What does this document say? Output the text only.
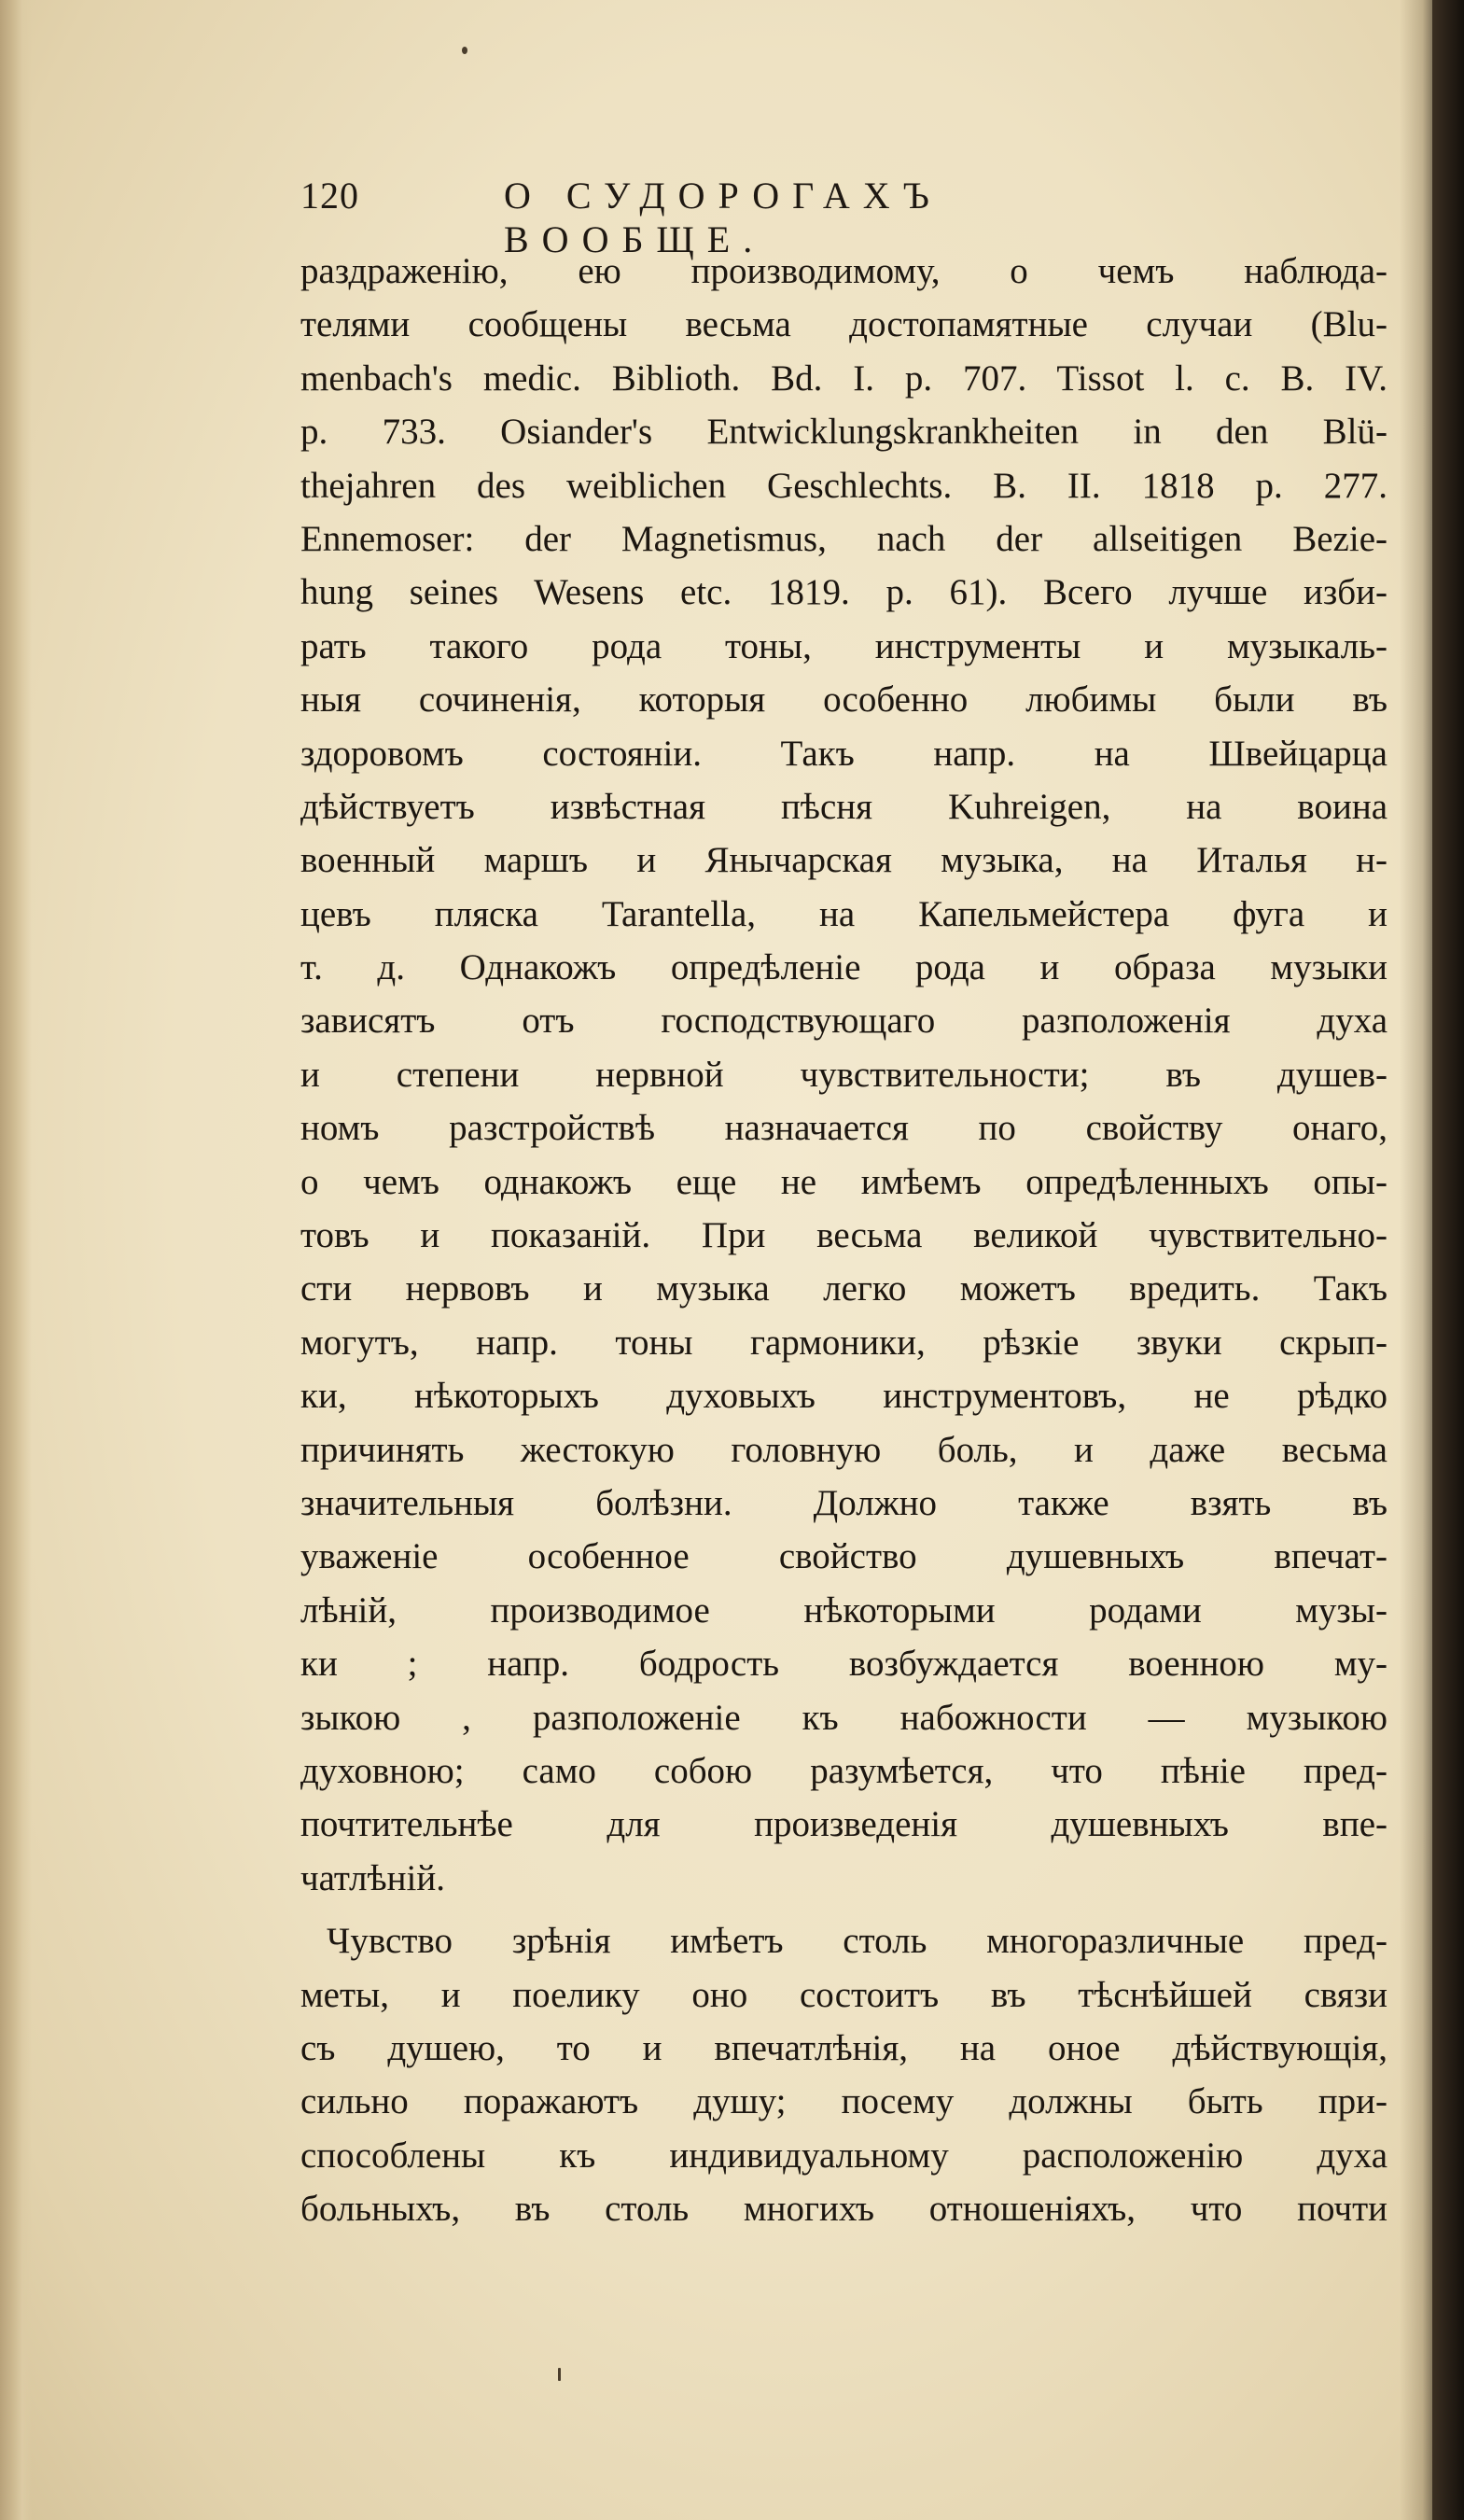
120	О СУДОРОГАХЪ ВООБЩЕ.
раздраженію, ею производимому, о чемъ наблюда-
телями сообщены весьма достопамятные случаи (Blu-
menbach's medic. Biblioth. Bd. I. p. 707. Tissot l. c. B. IV.
p. 733. Osiander's Entwicklungskrankheiten in den Blü-
thejahren des weiblichen Geschlechts. B. II. 1818 p. 277.
Ennemoser: der Magnetismus, nach der allseitigen Bezie-
hung seines Wesens etc. 1819. p. 61). Всего лучше изби-
рать такого рода тоны, инструменты и музыкаль-
ныя сочиненія, которыя особенно любимы были въ
здоровомъ состояніи. Такъ напр. на Швейцарца
дѣйствуетъ извѣстная пѣсня Kuhreigen, на воина
военный маршъ и Янычарская музыка, на Италья н-
цевъ пляска Tarantella, на Капельмейстера фуга и
т. д. Однакожъ опредѣленіе рода и образа музыки
зависятъ отъ господствующаго разположенія духа
и степени нервной чувствительности; въ душев-
номъ разстройствѣ назначается по свойству онаго,
о чемъ однакожъ еще не имѣемъ опредѣленныхъ опы-
товъ и показаній. При весьма великой чувствительно-
сти нервовъ и музыка легко можетъ вредить. Такъ
могутъ, напр. тоны гармоники, рѣзкіе звуки скрып-
ки, нѣкоторыхъ духовыхъ инструментовъ, не рѣдко
причинять жестокую головную боль, и даже весьма
значительныя болѣзни. Должно также взять въ
уваженіе особенное свойство душевныхъ впечат-
лѣній, производимое нѣкоторыми родами музы-
ки ; напр. бодрость возбуждается военною му-
зыкою , разположеніе къ набожности — музыкою
духовною; само собою разумѣется, что пѣніе пред-
почтительнѣе для произведенія душевныхъ впе-
чатлѣній.
Чувство зрѣнія имѣетъ столь многоразличные пред-
меты, и поелику оно состоитъ въ тѣснѣйшей связи
съ душею, то и впечатлѣнія, на оное дѣйствующія,
сильно поражаютъ душу; посему должны быть при-
способлены къ индивидуальному расположенію духа
больныхъ, въ столь многихъ отношеніяхъ, что почти
